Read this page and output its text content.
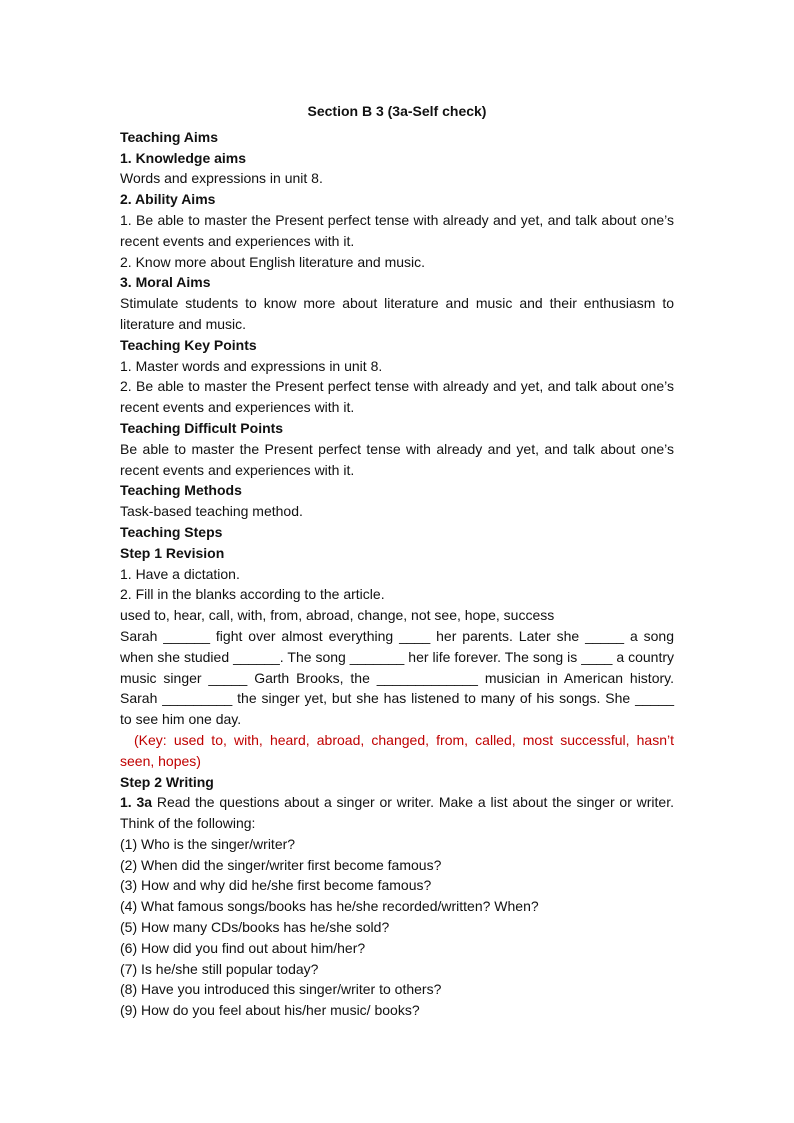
Section B 3 (3a-Self check)
Teaching Aims
1. Knowledge aims
Words and expressions in unit 8.
2. Ability Aims
1. Be able to master the Present perfect tense with already and yet, and talk about one’s recent events and experiences with it.
2. Know more about English literature and music.
3. Moral Aims
Stimulate students to know more about literature and music and their enthusiasm to literature and music.
Teaching Key Points
1. Master words and expressions in unit 8.
2. Be able to master the Present perfect tense with already and yet, and talk about one’s recent events and experiences with it.
Teaching Difficult Points
Be able to master the Present perfect tense with already and yet, and talk about one’s recent events and experiences with it.
Teaching Methods
Task-based teaching method.
Teaching Steps
Step 1 Revision
1. Have a dictation.
2. Fill in the blanks according to the article.
used to, hear, call, with, from, abroad, change, not see, hope, success
Sarah ______ fight over almost everything ____ her parents. Later she _____ a song when she studied ______. The song _______ her life forever. The song is ____ a country music singer _____ Garth Brooks, the _____________ musician in American history. Sarah _________ the singer yet, but she has listened to many of his songs. She _____ to see him one day.
(Key: used to, with, heard, abroad, changed, from, called, most successful, hasn’t seen, hopes)
Step 2 Writing
1. 3a Read the questions about a singer or writer. Make a list about the singer or writer. Think of the following:
(1) Who is the singer/writer?
(2) When did the singer/writer first become famous?
(3) How and why did he/she first become famous?
(4) What famous songs/books has he/she recorded/written? When?
(5) How many CDs/books has he/she sold?
(6) How did you find out about him/her?
(7) Is he/she still popular today?
(8) Have you introduced this singer/writer to others?
(9) How do you feel about his/her music/ books?
